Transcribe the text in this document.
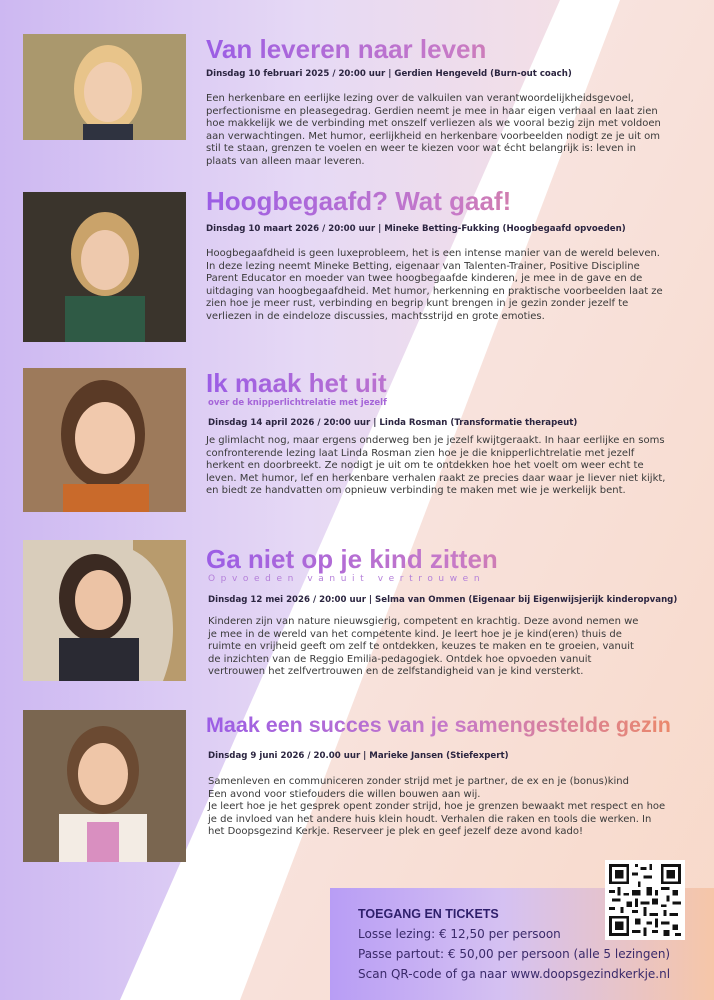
Van leveren naar leven
Dinsdag 10 februari 2025 / 20:00 uur | Gerdien Hengeveld (Burn-out coach)

Een herkenbare en eerlijke lezing over de valkuilen van verantwoordelijkheidsgevoel, perfectionisme en pleasegedrag. Gerdien neemt je mee in haar eigen verhaal en laat zien hoe makkelijk we de verbinding met onszelf verliezen als we vooral bezig zijn met voldoen aan verwachtingen. Met humor, eerlijkheid en herkenbare voorbeelden nodigt ze je uit om stil te staan, grenzen te voelen en weer te kiezen voor wat écht belangrijk is: leven in plaats van alleen maar leveren.

Hoogbegaafd? Wat gaaf!
Dinsdag 10 maart 2026 / 20:00 uur | Mineke Betting-Fukking (Hoogbegaafd opvoeden)

Hoogbegaafdheid is geen luxeprobleem, het is een intense manier van de wereld beleven. In deze lezing neemt Mineke Betting, eigenaar van Talenten-Trainer, Positive Discipline Parent Educator en moeder van twee hoogbegaafde kinderen, je mee in de gave en de uitdaging van hoogbegaafdheid. Met humor, herkenning en praktische voorbeelden laat ze zien hoe je meer rust, verbinding en begrip kunt brengen in je gezin zonder jezelf te verliezen in de eindeloze discussies, machtsstrijd en grote emoties.

Ik maak het uit
over de knipperlichtrelatie met jezelf
Dinsdag 14 april 2026 / 20:00 uur | Linda Rosman (Transformatie therapeut)

Je glimlacht nog, maar ergens onderweg ben je jezelf kwijtgeraakt. In haar eerlijke en soms confronterende lezing laat Linda Rosman zien hoe je die knipperlichtrelatie met jezelf herkent en doorbreekt. Ze nodigt je uit om te ontdekken hoe het voelt om weer echt te leven. Met humor, lef en herkenbare verhalen raakt ze precies daar waar je liever niet kijkt, en biedt ze handvatten om opnieuw verbinding te maken met wie je werkelijk bent.

Ga niet op je kind zitten
Opvoeden vanuit vertrouwen
Dinsdag 12 mei 2026 / 20:00 uur | Selma van Ommen (Eigenaar bij Eigenwijsjerijk kinderopvang)

Kinderen zijn van nature nieuwsgierig, competent en krachtig. Deze avond nemen we je mee in de wereld van het competente kind. Je leert hoe je je kind(eren) thuis de ruimte en vrijheid geeft om zelf te ontdekken, keuzes te maken en te groeien, vanuit de inzichten van de Reggio Emilia-pedagogiek. Ontdek hoe opvoeden vanuit vertrouwen het zelfvertrouwen en de zelfstandigheid van je kind versterkt.

Maak een succes van je samengestelde gezin
Dinsdag 9 juni 2026 / 20.00 uur | Marieke Jansen (Stiefexpert)

Samenleven en communiceren zonder strijd met je partner, de ex en je (bonus)kind
Een avond voor stiefouders die willen bouwen aan wij.
Je leert hoe je het gesprek opent zonder strijd, hoe je grenzen bewaakt met respect en hoe je de invloed van het andere huis klein houdt. Verhalen die raken en tools die werken. In het Doopsgezind Kerkje. Reserveer je plek en geef jezelf deze avond kado!

TOEGANG EN TICKETS
Losse lezing: € 12,50 per persoon
Passe partout: € 50,00 per persoon (alle 5 lezingen)
Scan QR-code of ga naar www.doopsgezindkerkje.nl
